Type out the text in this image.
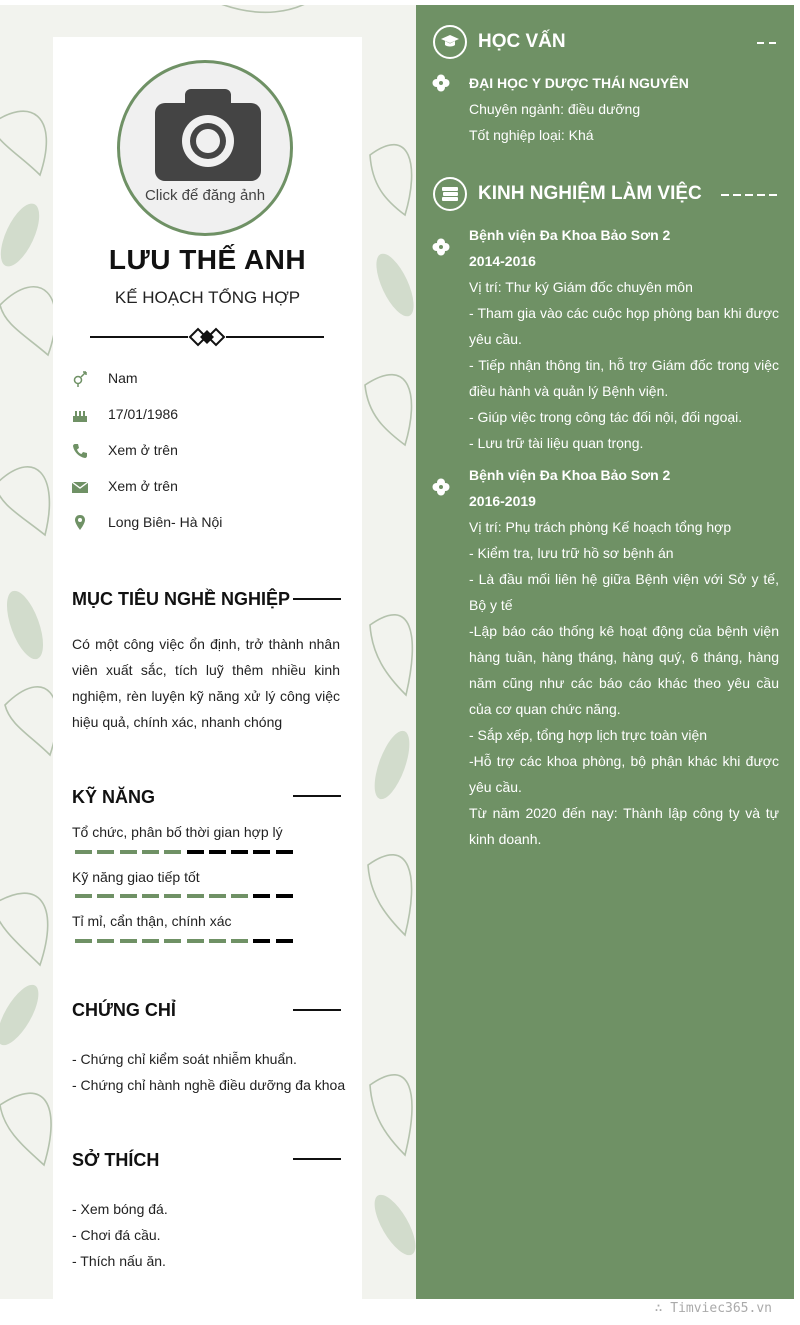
Click để đăng ảnh
LƯU THẾ ANH
KẾ HOẠCH TỔNG HỢP
Nam
17/01/1986
Xem ở trên
Xem ở trên
Long Biên- Hà Nội
MỤC TIÊU NGHỀ NGHIỆP
Có một công việc ổn định, trở thành nhân viên xuất sắc, tích luỹ thêm nhiều kinh nghiệm, rèn luyện kỹ năng xử lý công việc hiệu quả, chính xác, nhanh chóng
KỸ NĂNG
Tổ chức, phân bố thời gian hợp lý
Kỹ năng giao tiếp tốt
Tỉ mỉ, cẩn thận, chính xác
CHỨNG CHỈ
- Chứng chỉ kiểm soát nhiễm khuẩn.
- Chứng chỉ hành nghề điều dưỡng đa khoa
SỞ THÍCH
- Xem bóng đá.
- Chơi đá cầu.
- Thích nấu ăn.
HỌC VẤN
ĐẠI HỌC Y DƯỢC THÁI NGUYÊN
Chuyên ngành: điều dưỡng
Tốt nghiệp loại: Khá
KINH NGHIỆM LÀM VIỆC
Bệnh viện Đa Khoa Bảo Sơn 2
2014-2016
Vị trí: Thư ký Giám đốc chuyên môn
- Tham gia vào các cuộc họp phòng ban khi được yêu cầu.
- Tiếp nhận thông tin, hỗ trợ Giám đốc trong việc điều hành và quản lý Bệnh viện.
- Giúp việc trong công tác đối nội, đối ngoại.
- Lưu trữ tài liệu quan trọng.
Bệnh viện Đa Khoa Bảo Sơn 2
2016-2019
Vị trí: Phụ trách phòng Kế hoạch tổng hợp
- Kiểm tra, lưu trữ hồ sơ bệnh án
- Là đầu mối liên hệ giữa Bệnh viện với Sở y tế, Bộ y tế
-Lập báo cáo thống kê hoạt động của bệnh viện hàng tuần, hàng tháng, hàng quý, 6 tháng, hàng năm cũng như các báo cáo khác theo yêu cầu của cơ quan chức năng.
- Sắp xếp, tổng hợp lịch trực toàn viện
-Hỗ trợ các khoa phòng, bộ phận khác khi được yêu cầu.
Từ năm 2020 đến nay: Thành lập công ty và tự kinh doanh.
∴ Timviec365.vn
